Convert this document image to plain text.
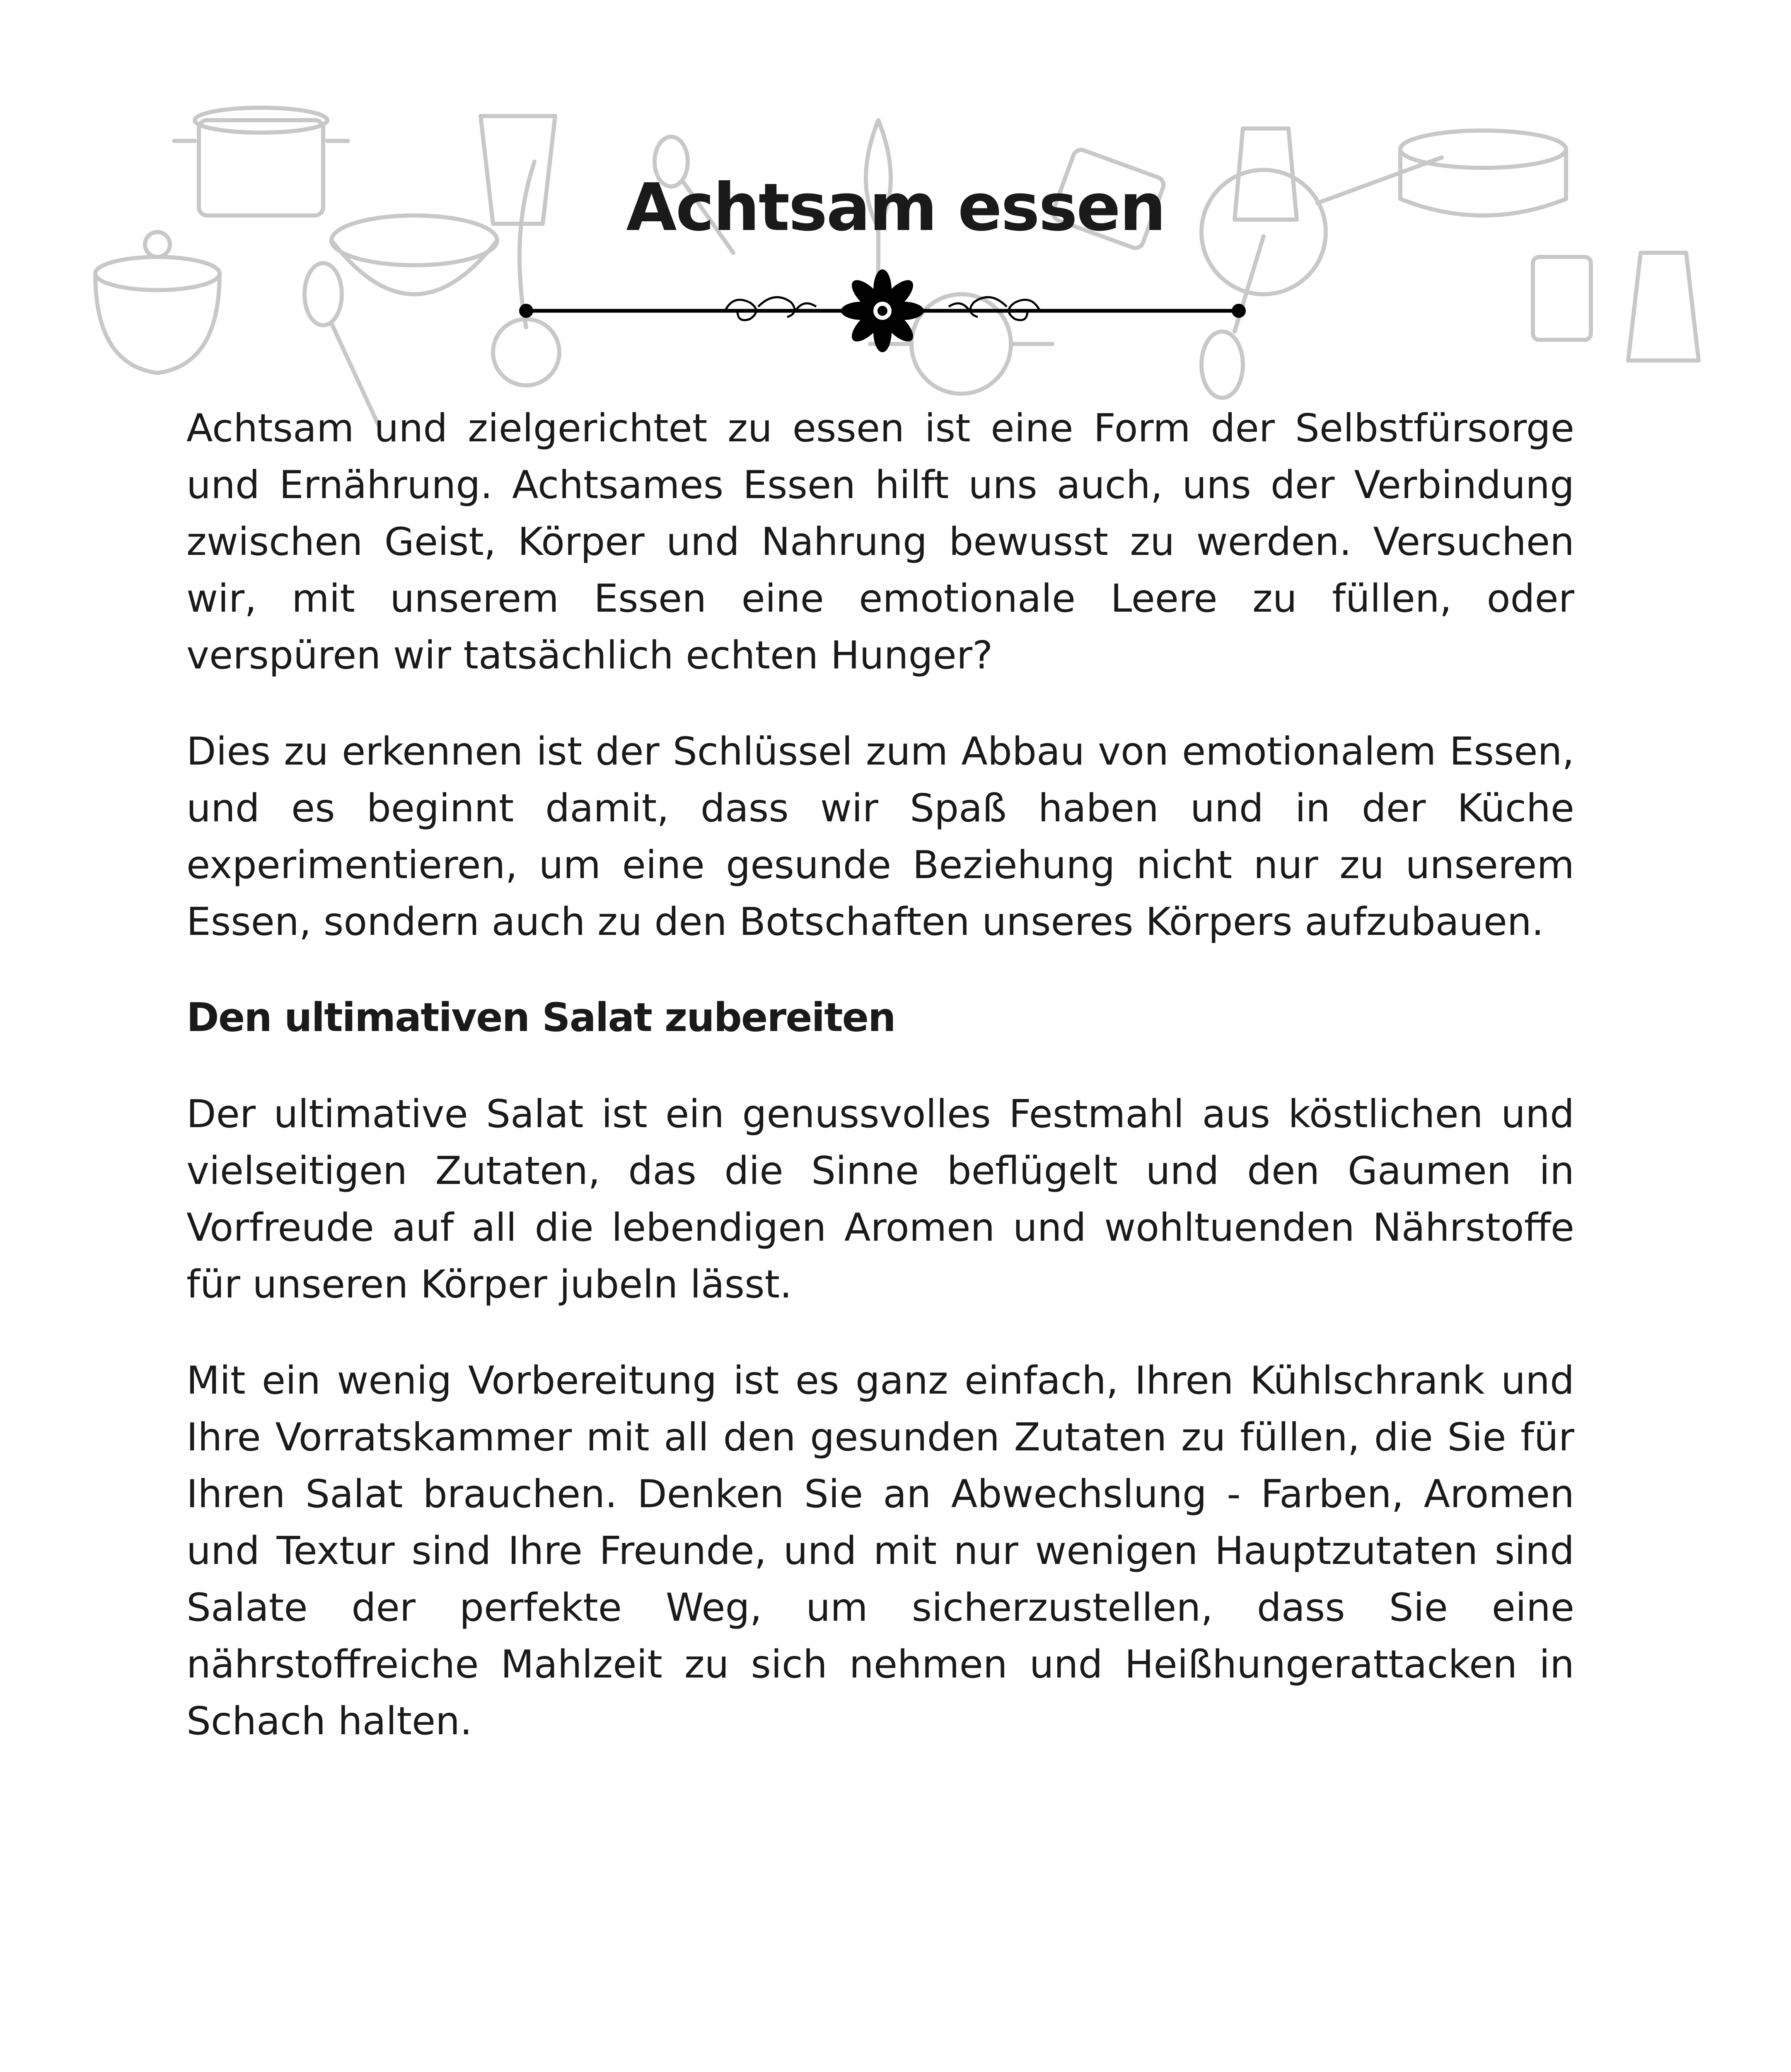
Achtsam essen

Achtsam und zielgerichtet zu essen ist eine Form der Selbstfürsorge und Ernährung. Achtsames Essen hilft uns auch, uns der Verbindung zwischen Geist, Körper und Nahrung bewusst zu werden. Versuchen wir, mit unserem Essen eine emotionale Leere zu füllen, oder verspüren wir tatsächlich echten Hunger?

Dies zu erkennen ist der Schlüssel zum Abbau von emotionalem Essen, und es beginnt damit, dass wir Spaß haben und in der Küche experimentieren, um eine gesunde Beziehung nicht nur zu unserem Essen, sondern auch zu den Botschaften unseres Körpers aufzubauen.

Den ultimativen Salat zubereiten

Der ultimative Salat ist ein genussvolles Festmahl aus köstlichen und vielseitigen Zutaten, das die Sinne beflügelt und den Gaumen in Vorfreude auf all die lebendigen Aromen und wohltuenden Nährstoffe für unseren Körper jubeln lässt.

Mit ein wenig Vorbereitung ist es ganz einfach, Ihren Kühlschrank und Ihre Vorratskammer mit all den gesunden Zutaten zu füllen, die Sie für Ihren Salat brauchen. Denken Sie an Abwechslung - Farben, Aromen und Textur sind Ihre Freunde, und mit nur wenigen Hauptzutaten sind Salate der perfekte Weg, um sicherzustellen, dass Sie eine nährstoffreiche Mahlzeit zu sich nehmen und Heißhungerattacken in Schach halten.
